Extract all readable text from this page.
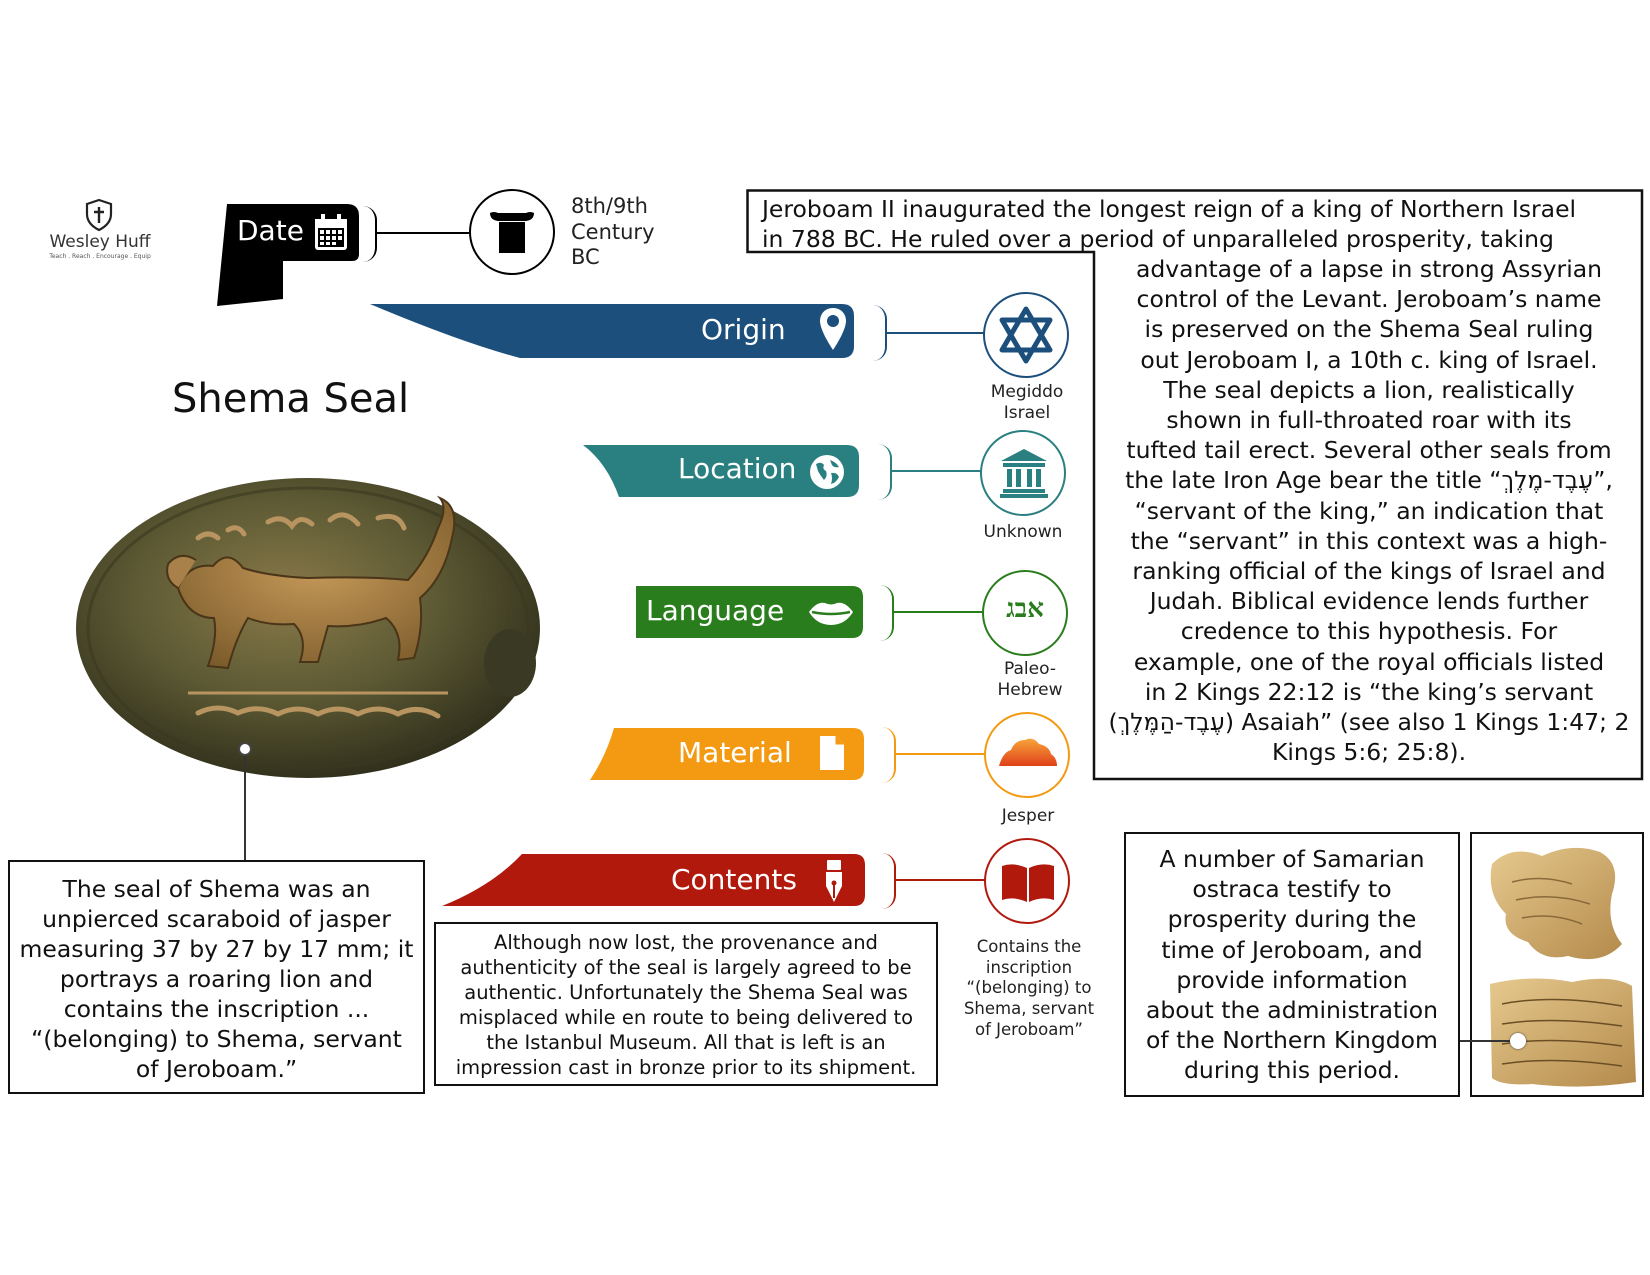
Wesley Huff
Teach . Reach . Encourage . Equip
Date
8th/9th
Century
BC
Shema Seal
Origin
Megiddo
Israel
Location
Unknown
Language	אבג
Paleo-
Hebrew
Material
Jesper
Contents
Contains the
inscription
“(belonging) to
Shema, servant
of Jeroboam”
Jeroboam II inaugurated the longest reign of a king of Northern Israel
in 788 BC. He ruled over a period of unparalleled prosperity, taking
advantage of a lapse in strong Assyrian
control of the Levant. Jeroboam’s name
is preserved on the Shema Seal ruling
out Jeroboam I, a 10th c. king of Israel.
The seal depicts a lion, realistically
shown in full-throated roar with its
tufted tail erect. Several other seals from
the late Iron Age bear the title “עֶבֶד-מֶלֶךְ”,
“servant of the king,” an indication that
the “servant” in this context was a high-
ranking official of the kings of Israel and
Judah. Biblical evidence lends further
credence to this hypothesis. For
example, one of the royal officials listed
in 2 Kings 22:12 is “the king’s servant
(עֶבֶד-הַמֶּלֶךְ) Asaiah” (see also 1 Kings 1:47; 2
Kings 5:6; 25:8).
The seal of Shema was an
unpierced scaraboid of jasper
measuring 37 by 27 by 17 mm; it
portrays a roaring lion and
contains the inscription ...
“(belonging) to Shema, servant
of Jeroboam.”
Although now lost, the provenance and
authenticity of the seal is largely agreed to be
authentic. Unfortunately the Shema Seal was
misplaced while en route to being delivered to
the Istanbul Museum. All that is left is an
impression cast in bronze prior to its shipment.
A number of Samarian
ostraca testify to
prosperity during the
time of Jeroboam, and
provide information
about the administration
of the Northern Kingdom
during this period.
